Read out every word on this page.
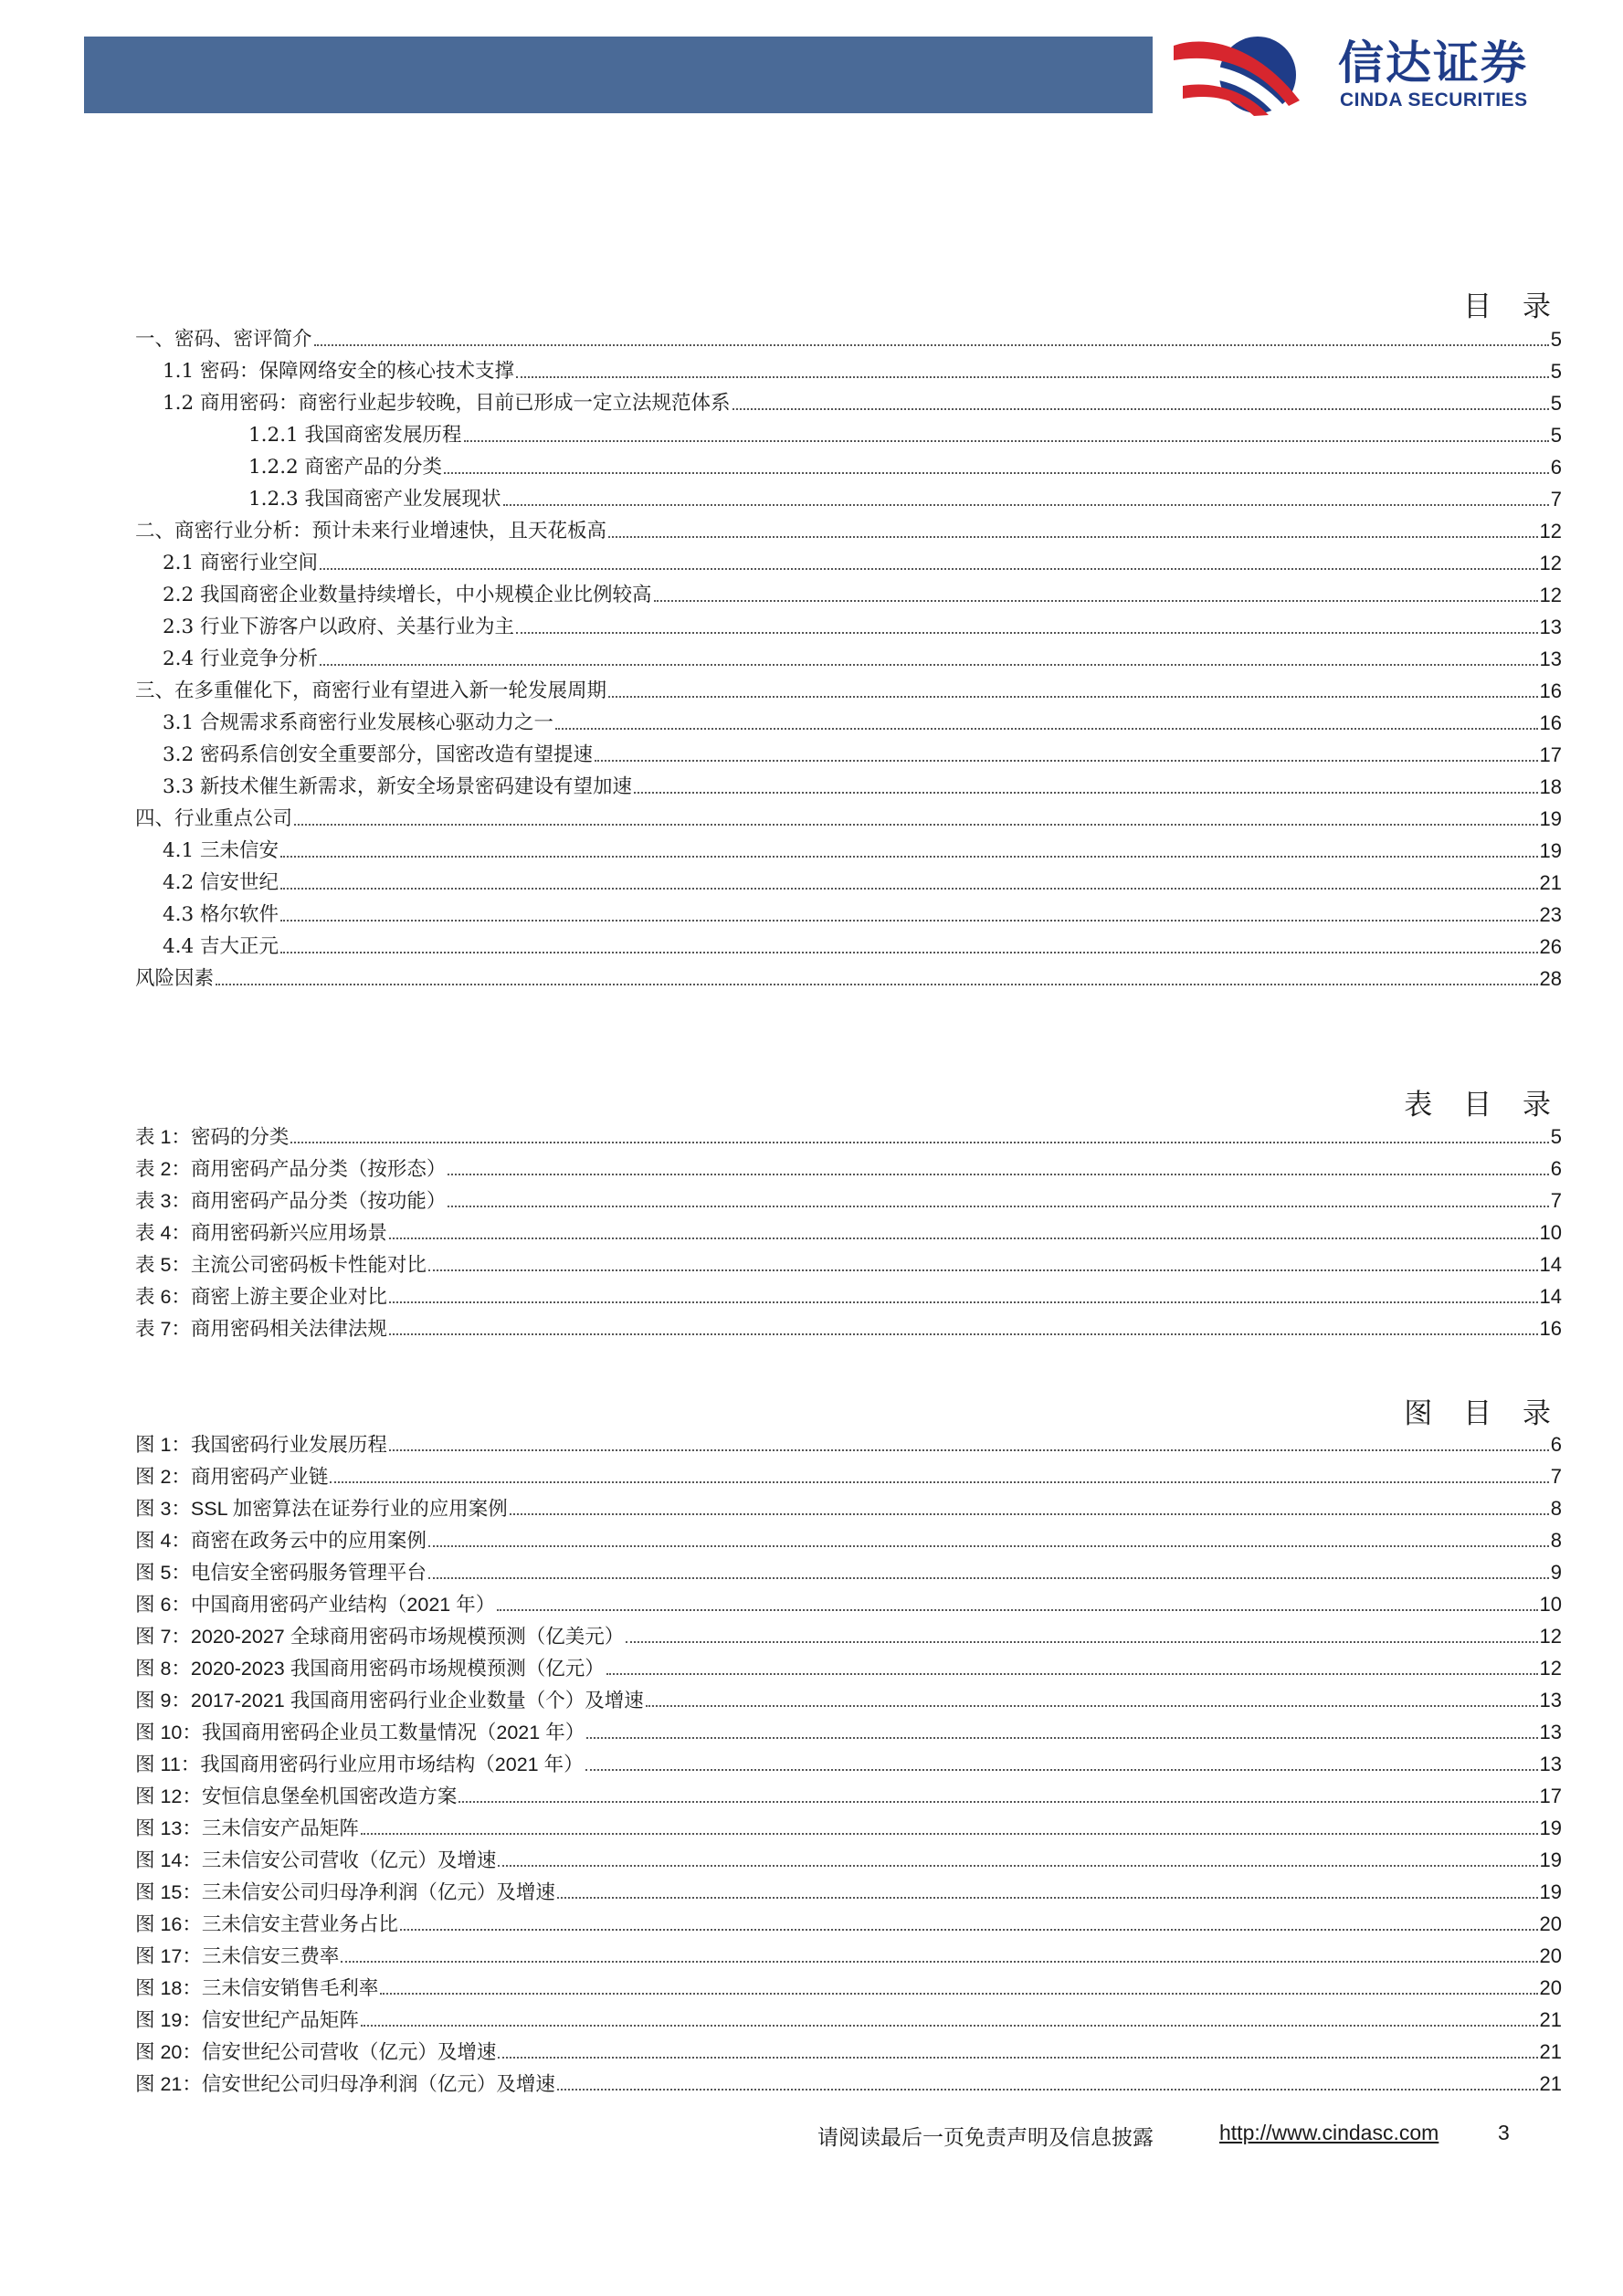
信达证券
CINDA SECURITIES
目 录
一、密码、密评简介	5
1.1 密码：保障网络安全的核心技术支撑	5
1.2 商用密码：商密行业起步较晚，目前已形成一定立法规范体系	5
1.2.1 我国商密发展历程	5
1.2.2 商密产品的分类	6
1.2.3 我国商密产业发展现状	7
二、商密行业分析：预计未来行业增速快，且天花板高	12
2.1 商密行业空间	12
2.2 我国商密企业数量持续增长，中小规模企业比例较高	12
2.3 行业下游客户以政府、关基行业为主	13
2.4 行业竞争分析	13
三、在多重催化下，商密行业有望进入新一轮发展周期	16
3.1 合规需求系商密行业发展核心驱动力之一	16
3.2 密码系信创安全重要部分，国密改造有望提速	17
3.3 新技术催生新需求，新安全场景密码建设有望加速	18
四、行业重点公司	19
4.1 三未信安	19
4.2 信安世纪	21
4.3 格尔软件	23
4.4 吉大正元	26
风险因素	28
表 目 录
表 1：密码的分类	5
表 2：商用密码产品分类（按形态）	6
表 3：商用密码产品分类（按功能）	7
表 4：商用密码新兴应用场景	10
表 5：主流公司密码板卡性能对比	14
表 6：商密上游主要企业对比	14
表 7：商用密码相关法律法规	16
图 目 录
图 1：我国密码行业发展历程	6
图 2：商用密码产业链	7
图 3：SSL 加密算法在证券行业的应用案例	8
图 4：商密在政务云中的应用案例	8
图 5：电信安全密码服务管理平台	9
图 6：中国商用密码产业结构（2021 年）	10
图 7：2020-2027 全球商用密码市场规模预测（亿美元）	12
图 8：2020-2023 我国商用密码市场规模预测（亿元）	12
图 9：2017-2021 我国商用密码行业企业数量（个）及增速	13
图 10：我国商用密码企业员工数量情况（2021 年）	13
图 11：我国商用密码行业应用市场结构（2021 年）	13
图 12：安恒信息堡垒机国密改造方案	17
图 13：三未信安产品矩阵	19
图 14：三未信安公司营收（亿元）及增速	19
图 15：三未信安公司归母净利润（亿元）及增速	19
图 16：三未信安主营业务占比	20
图 17：三未信安三费率	20
图 18：三未信安销售毛利率	20
图 19：信安世纪产品矩阵	21
图 20：信安世纪公司营收（亿元）及增速	21
图 21：信安世纪公司归母净利润（亿元）及增速	21
请阅读最后一页免责声明及信息披露	http://www.cindasc.com	3
